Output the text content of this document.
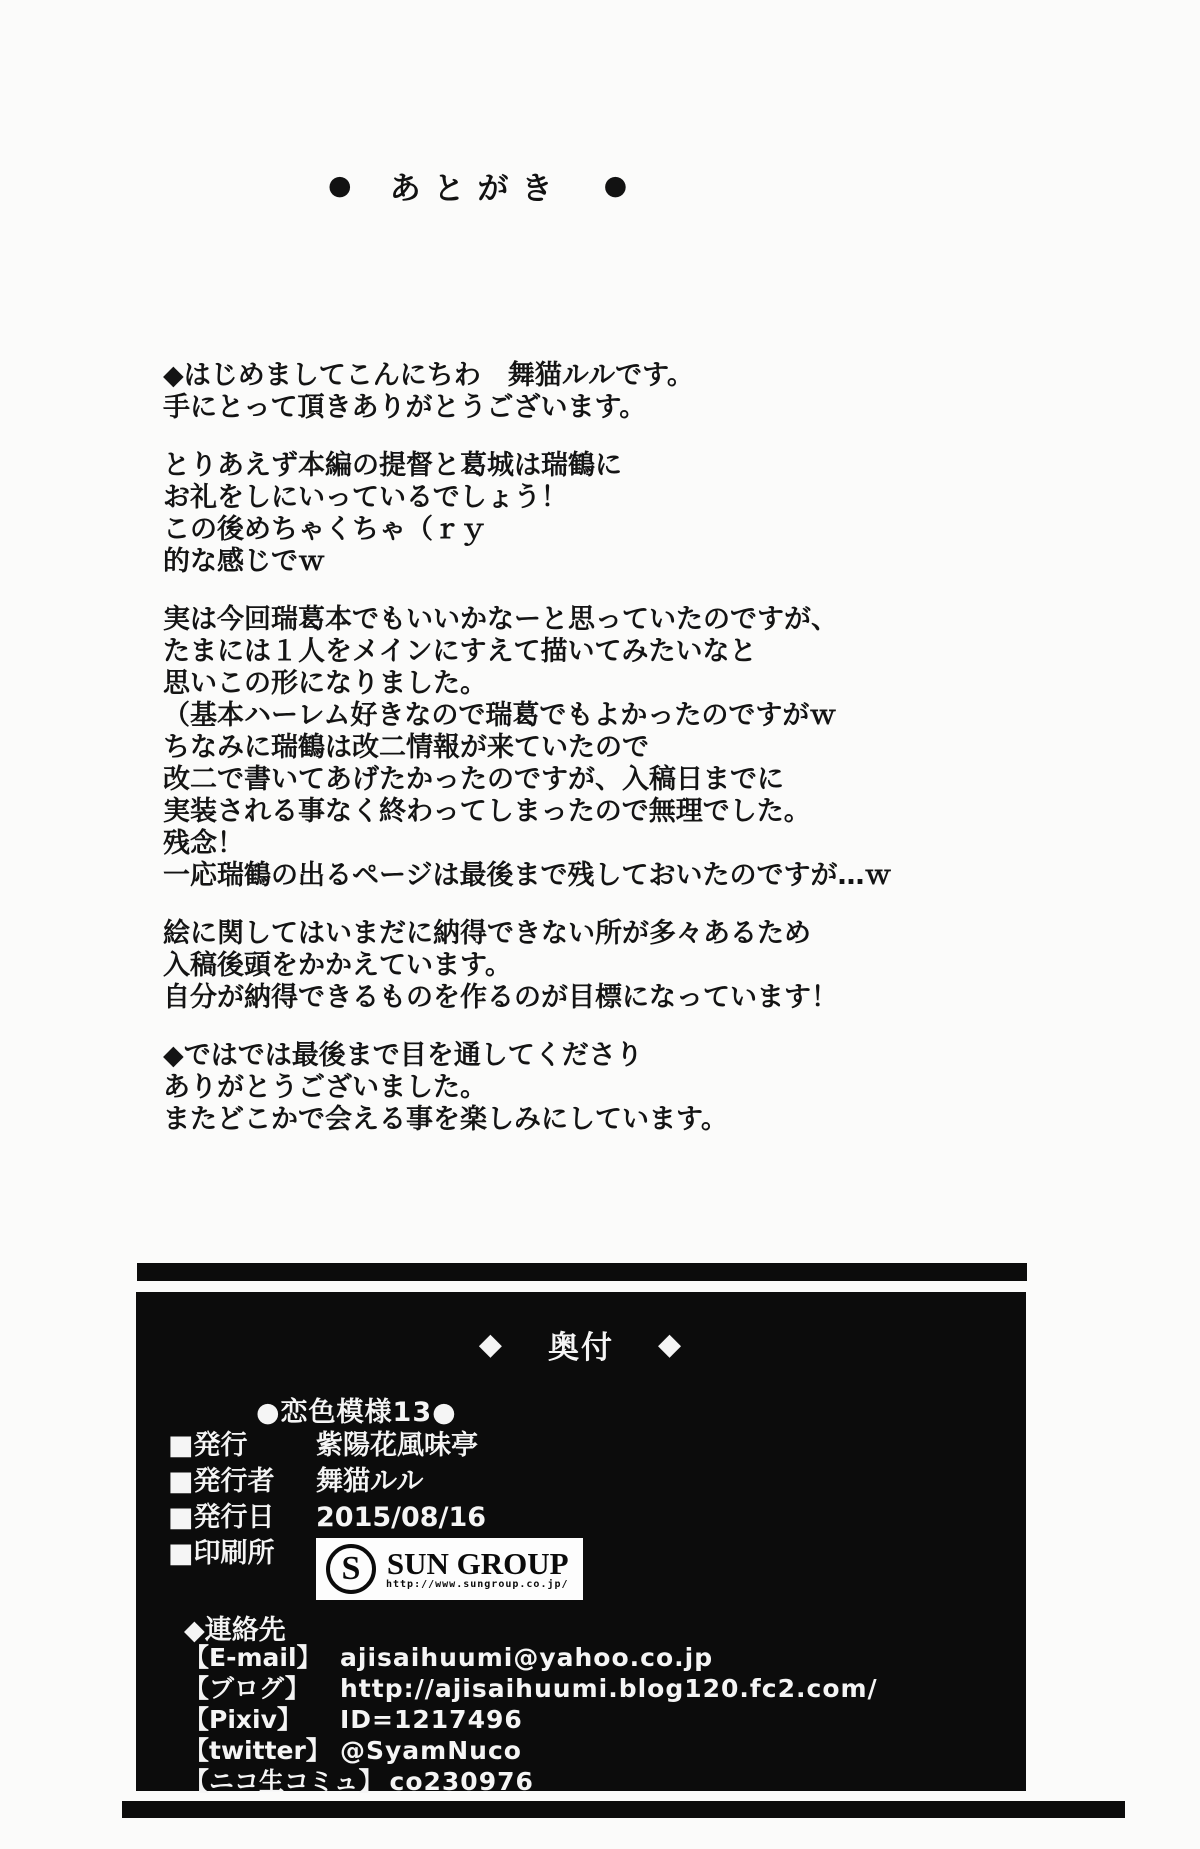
● あとがき ●

◆はじめましてこんにちわ　舞猫ルルです。
手にとって頂きありがとうございます。

とりあえず本編の提督と葛城は瑞鶴に
お礼をしにいっているでしょう！
この後めちゃくちゃ（ｒｙ
的な感じでｗ

実は今回瑞葛本でもいいかなーと思っていたのですが、
たまには１人をメインにすえて描いてみたいなと
思いこの形になりました。
（基本ハーレム好きなので瑞葛でもよかったのですがｗ
ちなみに瑞鶴は改二情報が来ていたので
改二で書いてあげたかったのですが、入稿日までに
実装される事なく終わってしまったので無理でした。
残念！
一応瑞鶴の出るページは最後まで残しておいたのですが…ｗ

絵に関してはいまだに納得できない所が多々あるため
入稿後頭をかかえています。
自分が納得できるものを作るのが目標になっています！

◆ではでは最後まで目を通してくださり
ありがとうございました。
またどこかで会える事を楽しみにしています。

◆ 奥付 ◆
●恋色模様13●
■発行	紫陽花風味亭
■発行者	舞猫ルル
■発行日	2015/08/16
■印刷所	S SUN GROUP
http://www.sungroup.co.jp/
◆連絡先
【E-mail】 ajisaihuumi@yahoo.co.jp
【ブログ】	http://ajisaihuumi.blog120.fc2.com/
【Pixiv】	ID=1217496
【twitter】 @SyamNuco
【ニコ生コミュ】 co230976
